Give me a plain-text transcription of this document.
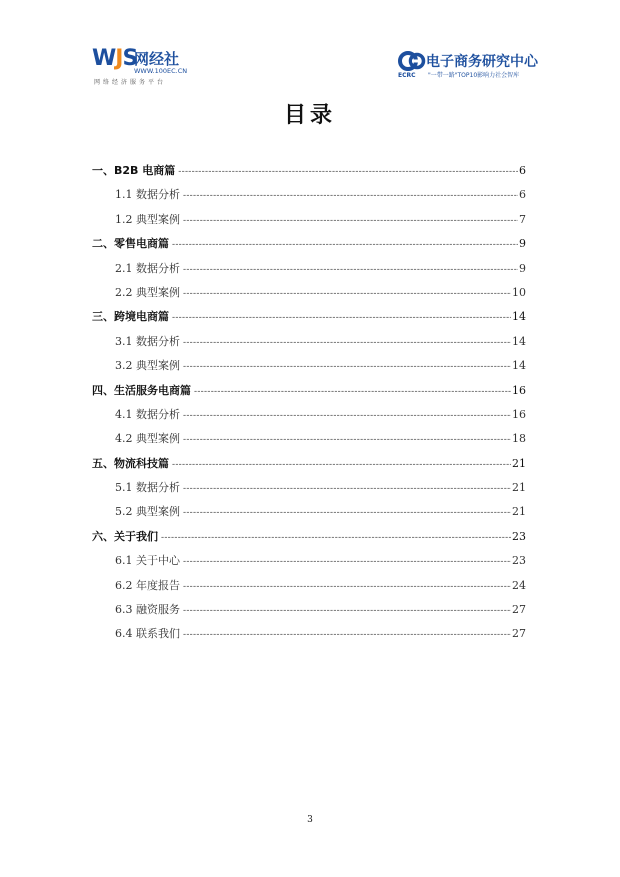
WJS
网经社
WWW.100EC.CN
网络经济服务平台
ECRC
电子商务研究中心
"一带一路"TOP10影响力社会智库
目录
一、B2B 电商篇 -----	6
1.1 数据分析 -----	6
1.2 典型案例 -----	7
二、零售电商篇 -----	9
2.1 数据分析 -----	9
2.2 典型案例 -----	10
三、跨境电商篇 -----	14
3.1 数据分析 -----	14
3.2 典型案例 -----	14
四、生活服务电商篇 -----	16
4.1 数据分析 -----	16
4.2 典型案例 -----	18
五、物流科技篇 -----	21
5.1 数据分析 -----	21
5.2 典型案例 -----	21
六、关于我们 -----	23
6.1 关于中心 -----	23
6.2 年度报告 -----	24
6.3 融资服务 -----	27
6.4 联系我们 -----	27
3
